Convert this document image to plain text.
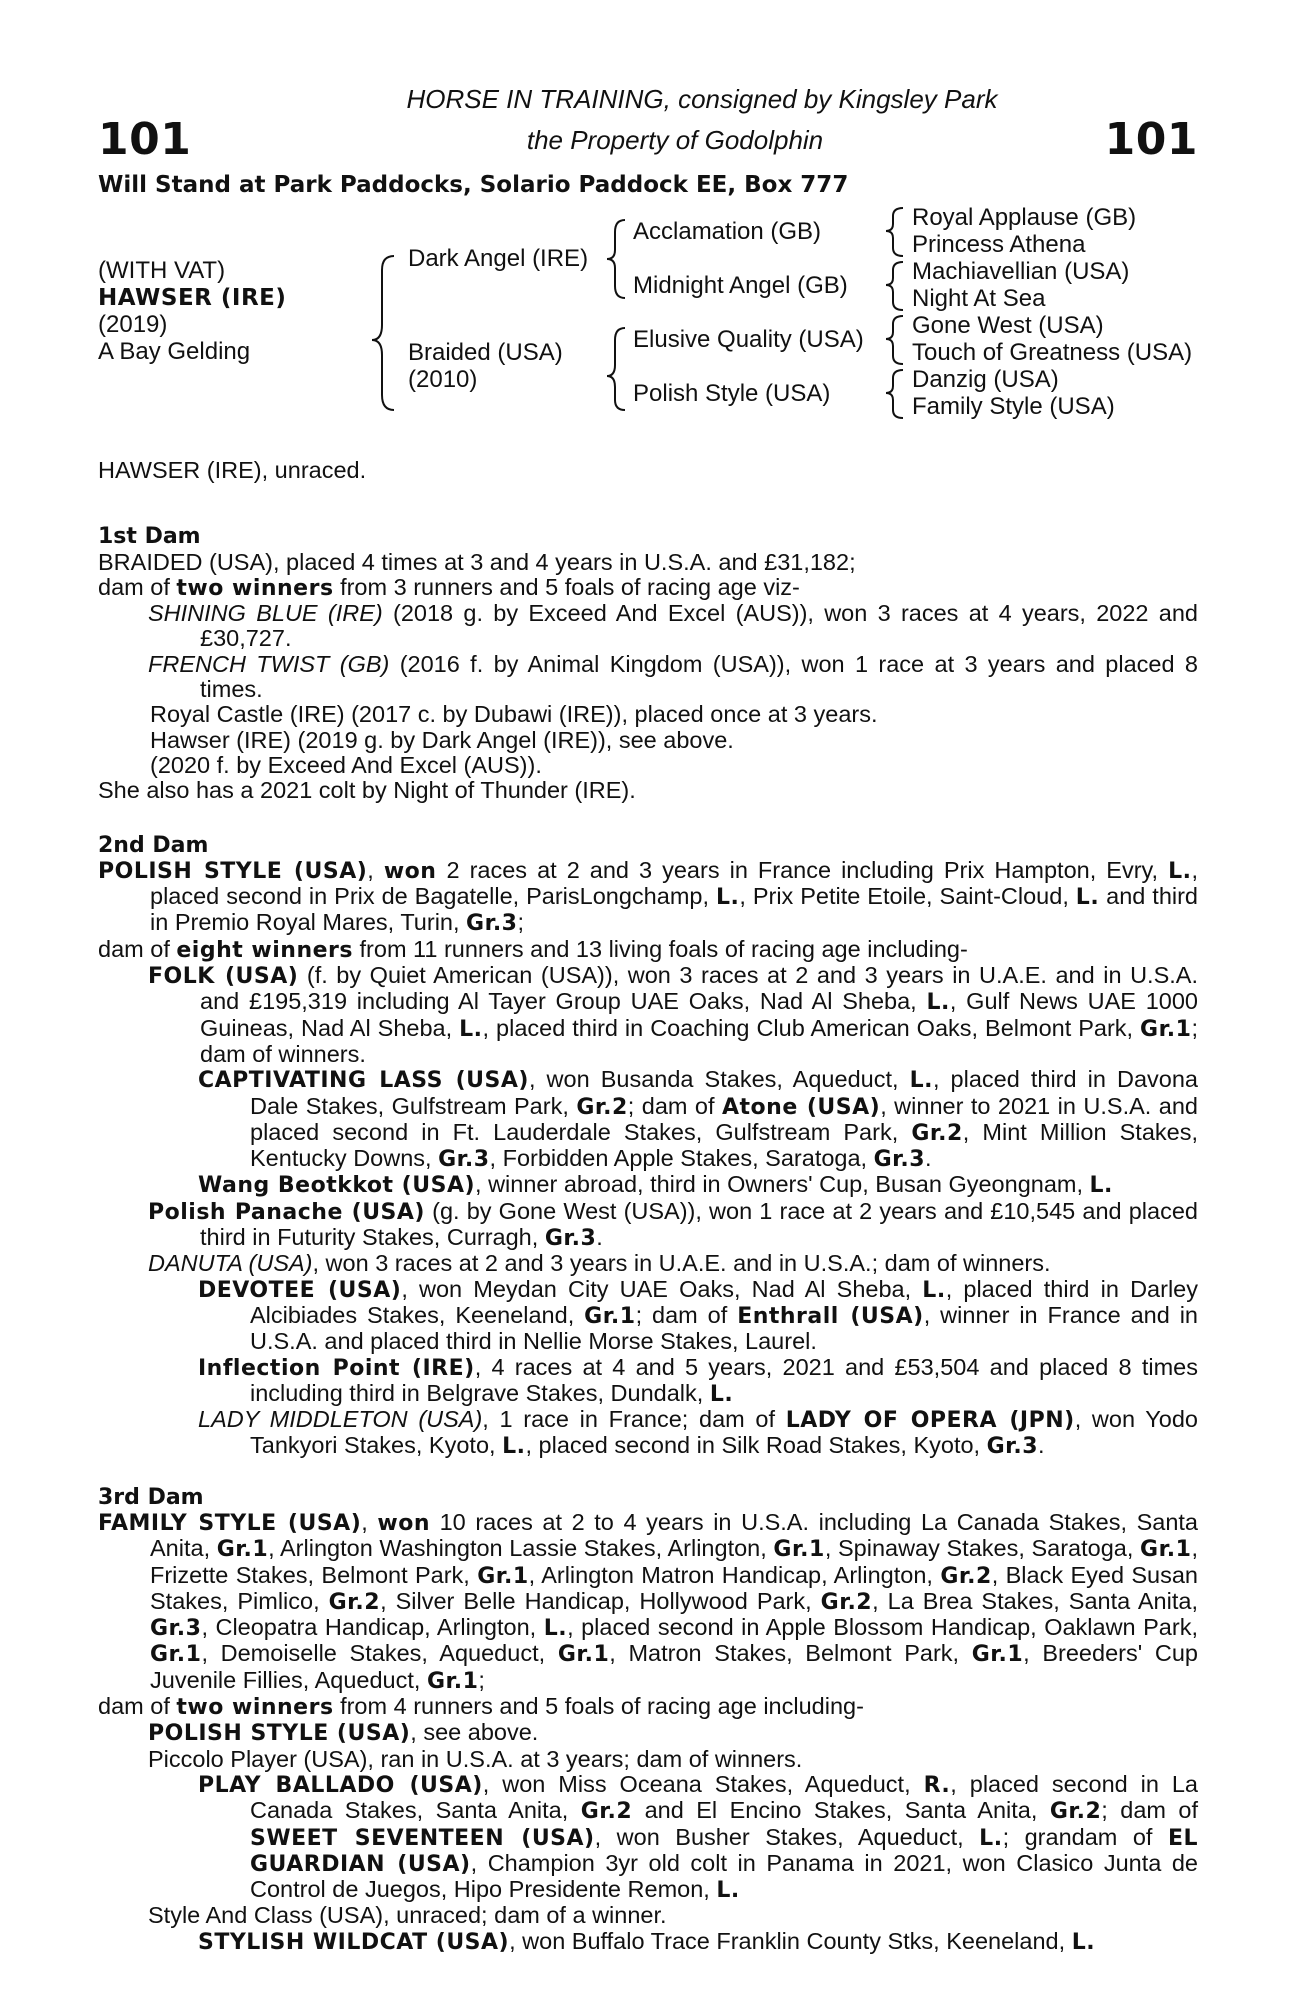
101	101
HORSE IN TRAINING, consigned by Kingsley Park
the Property of Godolphin
Will Stand at Park Paddocks, Solario Paddock EE, Box 777
(WITH VAT)
HAWSER (IRE)
(2019)
A Bay Gelding
Dark Angel (IRE)
Braided (USA)
(2010)
Acclamation (GB)
Midnight Angel (GB)
Elusive Quality (USA)
Polish Style (USA)
Royal Applause (GB)
Princess Athena
Machiavellian (USA)
Night At Sea
Gone West (USA)
Touch of Greatness (USA)
Danzig (USA)
Family Style (USA)

HAWSER (IRE), unraced.

1st Dam

BRAIDED (USA), placed 4 times at 3 and 4 years in U.S.A. and £31,182;

dam of two winners from 3 runners and 5 foals of racing age viz-

SHINING BLUE (IRE) (2018 g. by Exceed And Excel (AUS)), won 3 races at 4 years, 2022 and £30,727.

FRENCH TWIST (GB) (2016 f. by Animal Kingdom (USA)), won 1 race at 3 years and placed 8 times.

Royal Castle (IRE) (2017 c. by Dubawi (IRE)), placed once at 3 years.

Hawser (IRE) (2019 g. by Dark Angel (IRE)), see above.

(2020 f. by Exceed And Excel (AUS)).

She also has a 2021 colt by Night of Thunder (IRE).

2nd Dam

POLISH STYLE (USA), won 2 races at 2 and 3 years in France including Prix Hampton, Evry, L., placed second in Prix de Bagatelle, ParisLongchamp, L., Prix Petite Etoile, Saint-Cloud, L. and third in Premio Royal Mares, Turin, Gr.3;

dam of eight winners from 11 runners and 13 living foals of racing age including-

FOLK (USA) (f. by Quiet American (USA)), won 3 races at 2 and 3 years in U.A.E. and in U.S.A. and £195,319 including Al Tayer Group UAE Oaks, Nad Al Sheba, L., Gulf News UAE 1000 Guineas, Nad Al Sheba, L., placed third in Coaching Club American Oaks, Belmont Park, Gr.1; dam of winners.

CAPTIVATING LASS (USA), won Busanda Stakes, Aqueduct, L., placed third in Davona Dale Stakes, Gulfstream Park, Gr.2; dam of Atone (USA), winner to 2021 in U.S.A. and placed second in Ft. Lauderdale Stakes, Gulfstream Park, Gr.2, Mint Million Stakes, Kentucky Downs, Gr.3, Forbidden Apple Stakes, Saratoga, Gr.3.

Wang Beotkkot (USA), winner abroad, third in Owners' Cup, Busan Gyeongnam, L.

Polish Panache (USA) (g. by Gone West (USA)), won 1 race at 2 years and £10,545 and placed third in Futurity Stakes, Curragh, Gr.3.

DANUTA (USA), won 3 races at 2 and 3 years in U.A.E. and in U.S.A.; dam of winners.

DEVOTEE (USA), won Meydan City UAE Oaks, Nad Al Sheba, L., placed third in Darley Alcibiades Stakes, Keeneland, Gr.1; dam of Enthrall (USA), winner in France and in U.S.A. and placed third in Nellie Morse Stakes, Laurel.

Inflection Point (IRE), 4 races at 4 and 5 years, 2021 and £53,504 and placed 8 times including third in Belgrave Stakes, Dundalk, L.

LADY MIDDLETON (USA), 1 race in France; dam of LADY OF OPERA (JPN), won Yodo Tankyori Stakes, Kyoto, L., placed second in Silk Road Stakes, Kyoto, Gr.3.

3rd Dam

FAMILY STYLE (USA), won 10 races at 2 to 4 years in U.S.A. including La Canada Stakes, Santa Anita, Gr.1, Arlington Washington Lassie Stakes, Arlington, Gr.1, Spinaway Stakes, Saratoga, Gr.1, Frizette Stakes, Belmont Park, Gr.1, Arlington Matron Handicap, Arlington, Gr.2, Black Eyed Susan Stakes, Pimlico, Gr.2, Silver Belle Handicap, Hollywood Park, Gr.2, La Brea Stakes, Santa Anita, Gr.3, Cleopatra Handicap, Arlington, L., placed second in Apple Blossom Handicap, Oaklawn Park, Gr.1, Demoiselle Stakes, Aqueduct, Gr.1, Matron Stakes, Belmont Park, Gr.1, Breeders' Cup Juvenile Fillies, Aqueduct, Gr.1;

dam of two winners from 4 runners and 5 foals of racing age including-

POLISH STYLE (USA), see above.

Piccolo Player (USA), ran in U.S.A. at 3 years; dam of winners.

PLAY BALLADO (USA), won Miss Oceana Stakes, Aqueduct, R., placed second in La Canada Stakes, Santa Anita, Gr.2 and El Encino Stakes, Santa Anita, Gr.2; dam of SWEET SEVENTEEN (USA), won Busher Stakes, Aqueduct, L.; grandam of EL GUARDIAN (USA), Champion 3yr old colt in Panama in 2021, won Clasico Junta de Control de Juegos, Hipo Presidente Remon, L.

Style And Class (USA), unraced; dam of a winner.

STYLISH WILDCAT (USA), won Buffalo Trace Franklin County Stks, Keeneland, L.
